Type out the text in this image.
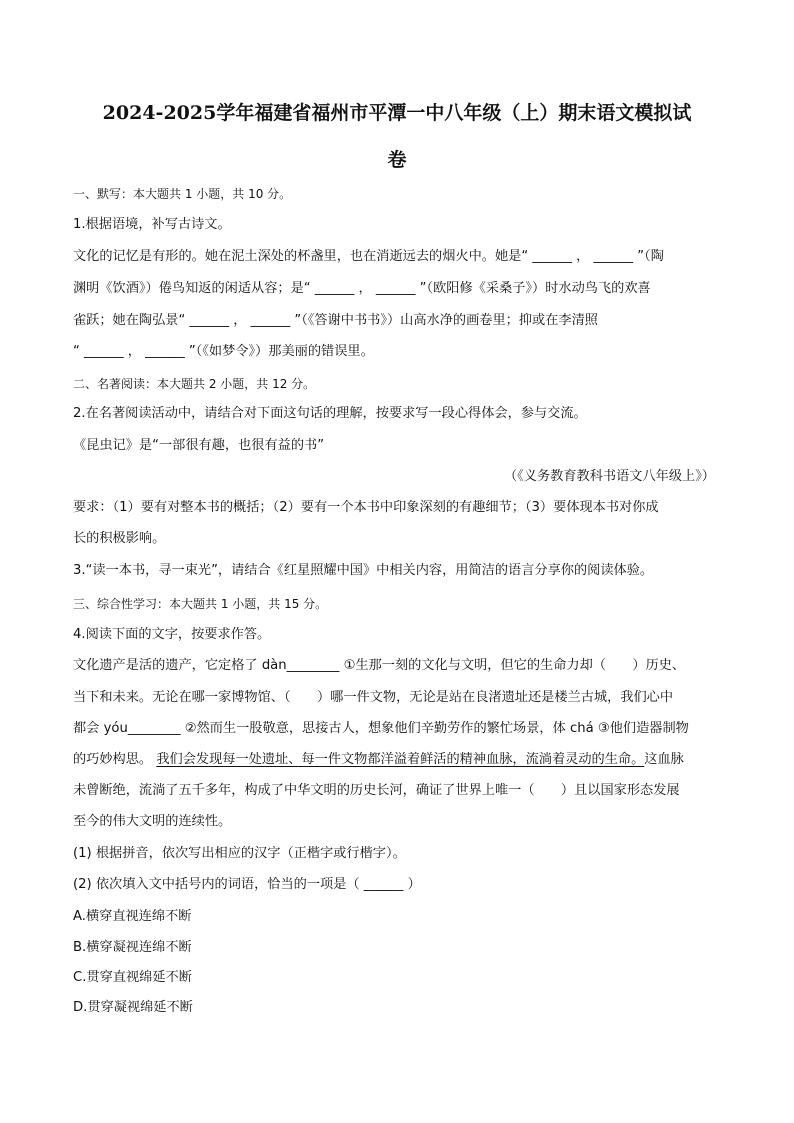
2024-2025学年福建省福州市平潭一中八年级（上）期末语文模拟试
卷
一、默写：本大题共 1 小题，共 10 分。
1.根据语境，补写古诗文。
文化的记忆是有形的。她在泥土深处的杯盏里，也在消逝远去的烟火中。她是“ ______ ， ______ ”（陶
渊明《饮酒》）倦鸟知返的闲适从容；是“ ______ ， ______ ”（欧阳修《采桑子》）时水动鸟飞的欢喜
雀跃；她在陶弘景“ ______ ， ______ ”（《答谢中书书》）山高水净的画卷里；抑或在李清照
“ ______ ， ______ ”（《如梦令》）那美丽的错误里。
二、名著阅读：本大题共 2 小题，共 12 分。
2.在名著阅读活动中，请结合对下面这句话的理解，按要求写一段心得体会，参与交流。
《昆虫记》是“一部很有趣，也很有益的书”
（《义务教育教科书语文八年级上》）
要求：（1）要有对整本书的概括；（2）要有一个本书中印象深刻的有趣细节；（3）要体现本书对你成
长的积极影响。
3.“读一本书，寻一束光”，请结合《红星照耀中国》中相关内容，用简洁的语言分享你的阅读体验。
三、综合性学习：本大题共 1 小题，共 15 分。
4.阅读下面的文字，按要求作答。
文化遗产是活的遗产，它定格了 dàn________ ①生那一刻的文化与文明，但它的生命力却（　　）历史、
当下和未来。无论在哪一家博物馆、（　　）哪一件文物，无论是站在良渚遗址还是楼兰古城，我们心中
都会 yóu________ ②然而生一股敬意，思接古人，想象他们辛勤劳作的繁忙场景，体 chá ③他们造器制物
的巧妙构思。 我们会发现每一处遗址、每一件文物都洋溢着鲜活的精神血脉，流淌着灵动的生命。这血脉
未曾断绝，流淌了五千多年，构成了中华文明的历史长河，确证了世界上唯一（　　）且以国家形态发展
至今的伟大文明的连续性。
(1) 根据拼音，依次写出相应的汉字（正楷字或行楷字）。
(2) 依次填入文中括号内的词语，恰当的一项是（ ______ ）
A.横穿直视连绵不断
B.横穿凝视连绵不断
C.贯穿直视绵延不断
D.贯穿凝视绵延不断
